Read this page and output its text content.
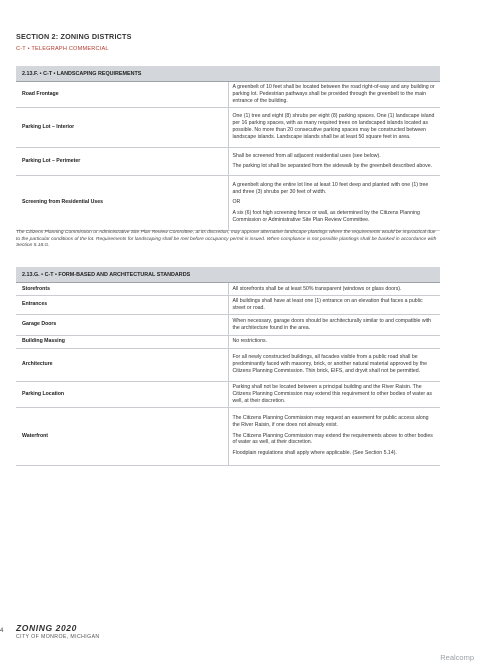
SECTION 2: ZONING DISTRICTS
C-T • TELEGRAPH COMMERCIAL
2.13.F. • C-T • LANDSCAPING REQUIREMENTS	
Road Frontage	A greenbelt of 10 feet shall be located between the road right-of-way and any building or parking lot. Pedestrian pathways shall be provided through the greenbelt to the main entrance of the building.

Parking Lot – Interior	One (1) tree and eight (8) shrubs per eight (8) parking spaces. One (1) landscape island per 16 parking spaces, with as many required trees on landscaped islands located as possible. No more than 20 consecutive parking spaces may be constructed between landscape islands. Landscape islands shall be at least 50 square feet in area.

Parking Lot – Perimeter	Shall be screened from all adjacent residential uses (see below).

The parking lot shall be separated from the sidewalk by the greenbelt described above.

Screening from Residential Uses	A greenbelt along the entire lot line at least 10 feet deep and planted with one (1) tree and three (3) shrubs per 30 feet of width.

OR

A six (6) foot high screening fence or wall, as determined by the Citizens Planning Commission or Administrative Site Plan Review Committee.

The Citizens Planning Commission or Administrative Site Plan Review Committee, at its discretion, may approve alternative landscape plantings where the requirements would be impractical due to the particular conditions of the lot. Requirements for landscaping shall be met before occupancy permit is issued. When compliance is not possible plantings shall be banked in accordance with Section 5.18.G.
2.13.G. • C-T • FORM-BASED AND ARCHITECTURAL STANDARDS	
Storefronts	All storefronts shall be at least 50% transparent (windows or glass doors).

Entrances	All buildings shall have at least one (1) entrance on an elevation that faces a public street or road.

Garage Doors	When necessary, garage doors should be architecturally similar to and compatible with the architecture found in the area.

Building Massing	No restrictions.

Architecture	For all newly constructed buildings, all facades visible from a public road shall be predominantly faced with masonry, brick, or another natural material approved by the Citizens Planning Commission. Thin brick, EIFS, and dryvit shall not be permitted.

Parking Location	Parking shall not be located between a principal building and the River Raisin. The Citizens Planning Commission may extend this requirement to other bodies of water as well, at their discretion.

Waterfront	The Citizens Planning Commission may request an easement for public access along the River Raisin, if one does not already exist.

The Citizens Planning Commission may extend the requirements above to other bodies of water as well, at their discretion.

Floodplain regulations shall apply where applicable. (See Section 5.14).

4 ZONING 2020
CITY OF MONROE, MICHIGAN
Realcomp
